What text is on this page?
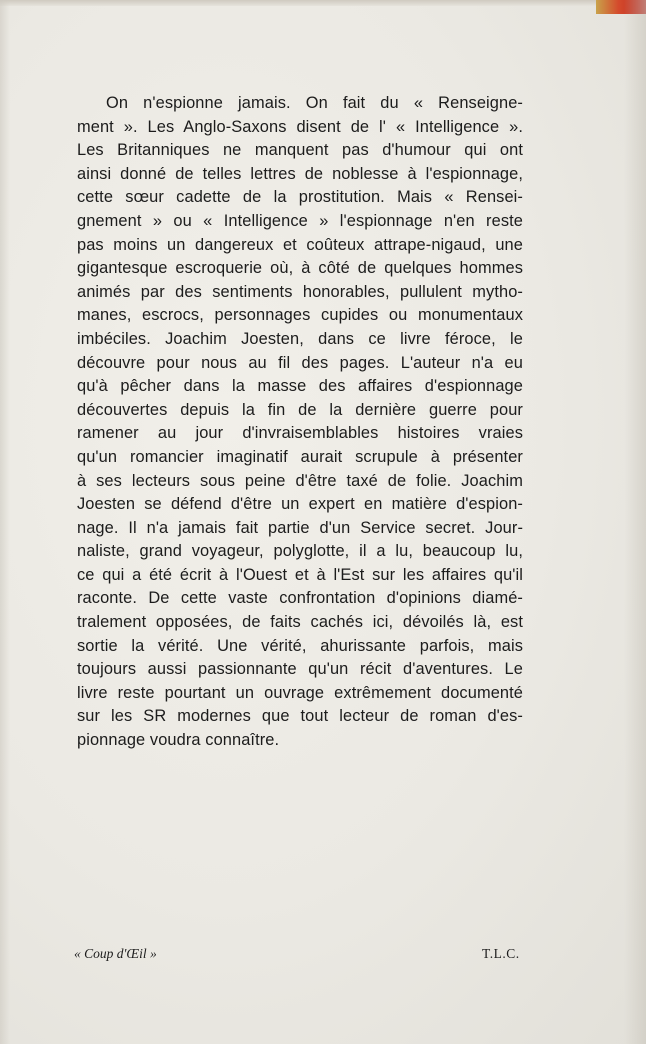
On n'espionne jamais. On fait du « Renseigne-
ment ». Les Anglo-Saxons disent de l' « Intelligence ».
Les Britanniques ne manquent pas d'humour qui ont
ainsi donné de telles lettres de noblesse à l'espionnage,
cette sœur cadette de la prostitution. Mais « Rensei-
gnement » ou « Intelligence » l'espionnage n'en reste
pas moins un dangereux et coûteux attrape-nigaud, une
gigantesque escroquerie où, à côté de quelques hommes
animés par des sentiments honorables, pullulent mytho-
manes, escrocs, personnages cupides ou monumentaux
imbéciles. Joachim Joesten, dans ce livre féroce, le
découvre pour nous au fil des pages. L'auteur n'a eu
qu'à pêcher dans la masse des affaires d'espionnage
découvertes depuis la fin de la dernière guerre pour
ramener au jour d'invraisemblables histoires vraies
qu'un romancier imaginatif aurait scrupule à présenter
à ses lecteurs sous peine d'être taxé de folie. Joachim
Joesten se défend d'être un expert en matière d'espion-
nage. Il n'a jamais fait partie d'un Service secret. Jour-
naliste, grand voyageur, polyglotte, il a lu, beaucoup lu,
ce qui a été écrit à l'Ouest et à l'Est sur les affaires qu'il
raconte. De cette vaste confrontation d'opinions diamé-
tralement opposées, de faits cachés ici, dévoilés là, est
sortie la vérité. Une vérité, ahurissante parfois, mais
toujours aussi passionnante qu'un récit d'aventures. Le
livre reste pourtant un ouvrage extrêmement documenté
sur les SR modernes que tout lecteur de roman d'es-
pionnage voudra connaître.

« Coup d'Œil »	T.L.C.
